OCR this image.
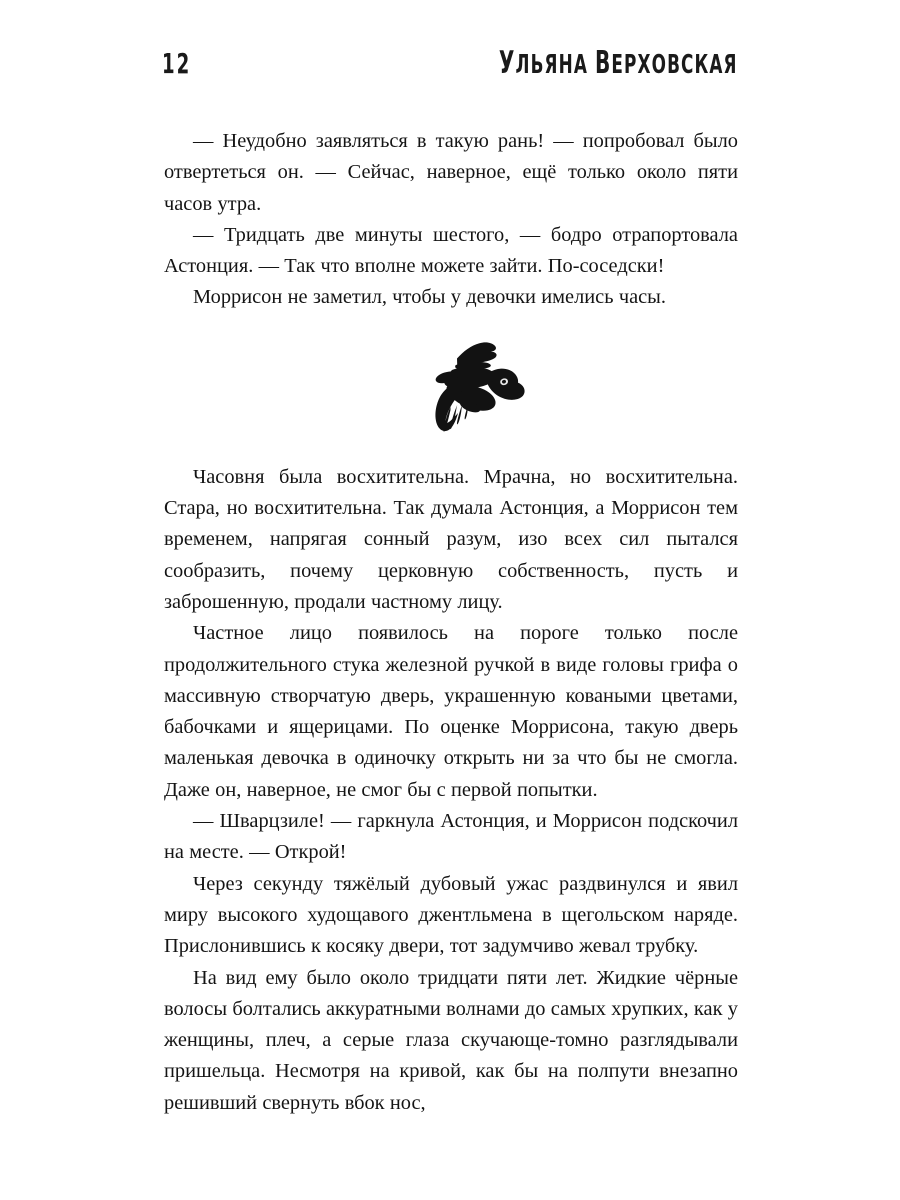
12	УЛЬЯНА ВЕРХОВСКАЯ

— Неудобно заявляться в такую рань! — попробовал было отвертеться он. — Сейчас, наверное, ещё только около пяти часов утра.

— Тридцать две минуты шестого, — бодро отрапортовала Астонция. — Так что вполне можете зайти. По-соседски!

Моррисон не заметил, чтобы у девочки имелись часы.

Часовня была восхитительна. Мрачна, но восхитительна. Стара, но восхитительна. Так думала Астонция, а Моррисон тем временем, напрягая сонный разум, изо всех сил пытался сообразить, почему церковную собственность, пусть и заброшенную, продали частному лицу.

Частное лицо появилось на пороге только после продолжительного стука железной ручкой в виде головы грифа о массивную створчатую дверь, украшенную коваными цветами, бабочками и ящерицами. По оценке Моррисона, такую дверь маленькая девочка в одиночку открыть ни за что бы не смогла. Даже он, наверное, не смог бы с первой попытки.

— Шварцзиле! — гаркнула Астонция, и Моррисон подскочил на месте. — Открой!

Через секунду тяжёлый дубовый ужас раздвинулся и явил миру высокого худощавого джентльмена в щегольском наряде. Прислонившись к косяку двери, тот задумчиво жевал трубку.

На вид ему было около тридцати пяти лет. Жидкие чёрные волосы болтались аккуратными волнами до самых хрупких, как у женщины, плеч, а серые глаза скучающе-томно разглядывали пришельца. Несмотря на кривой, как бы на полпути внезапно решивший свернуть вбок нос,
